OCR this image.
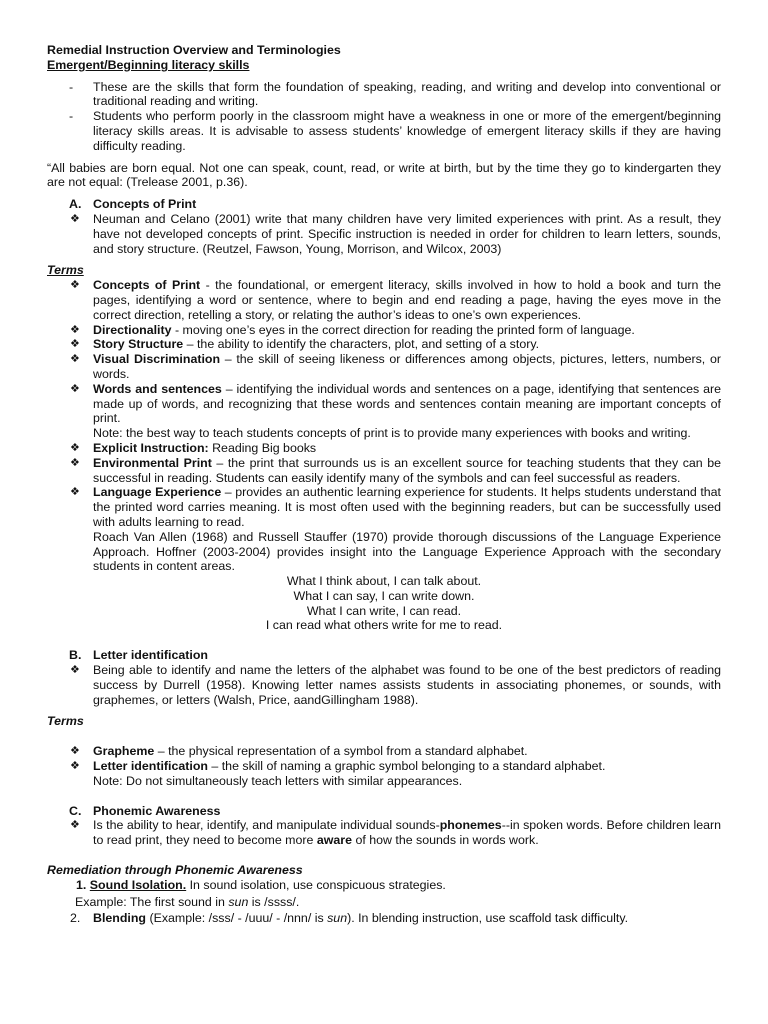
Remedial Instruction Overview and Terminologies
Emergent/Beginning literacy skills
- These are the skills that form the foundation of speaking, reading, and writing and develop into conventional or traditional reading and writing.
- Students who perform poorly in the classroom might have a weakness in one or more of the emergent/beginning literacy skills areas. It is advisable to assess students’ knowledge of emergent literacy skills if they are having difficulty reading.
“All babies are born equal. Not one can speak, count, read, or write at birth, but by the time they go to kindergarten they are not equal: (Trelease 2001, p.36).
A. Concepts of Print
❖ Neuman and Celano (2001) write that many children have very limited experiences with print. As a result, they have not developed concepts of print. Specific instruction is needed in order for children to learn letters, sounds, and story structure. (Reutzel, Fawson, Young, Morrison, and Wilcox, 2003)
Terms
❖ Concepts of Print - the foundational, or emergent literacy, skills involved in how to hold a book and turn the pages, identifying a word or sentence, where to begin and end reading a page, having the eyes move in the correct direction, retelling a story, or relating the author’s ideas to one’s own experiences.
❖ Directionality - moving one’s eyes in the correct direction for reading the printed form of language.
❖ Story Structure – the ability to identify the characters, plot, and setting of a story.
❖ Visual Discrimination – the skill of seeing likeness or differences among objects, pictures, letters, numbers, or words.
❖ Words and sentences – identifying the individual words and sentences on a page, identifying that sentences are made up of words, and recognizing that these words and sentences contain meaning are important concepts of print.
Note: the best way to teach students concepts of print is to provide many experiences with books and writing.
❖ Explicit Instruction: Reading Big books
❖ Environmental Print – the print that surrounds us is an excellent source for teaching students that they can be successful in reading. Students can easily identify many of the symbols and can feel successful as readers.
❖ Language Experience – provides an authentic learning experience for students. It helps students understand that the printed word carries meaning. It is most often used with the beginning readers, but can be successfully used with adults learning to read.
Roach Van Allen (1968) and Russell Stauffer (1970) provide thorough discussions of the Language Experience Approach. Hoffner (2003-2004) provides insight into the Language Experience Approach with the secondary students in content areas.
What I think about, I can talk about.
What I can say, I can write down.
What I can write, I can read.
I can read what others write for me to read.
B. Letter identification
❖ Being able to identify and name the letters of the alphabet was found to be one of the best predictors of reading success by Durrell (1958). Knowing letter names assists students in associating phonemes, or sounds, with graphemes, or letters (Walsh, Price, aandGillingham 1988).
Terms
❖ Grapheme – the physical representation of a symbol from a standard alphabet.
❖ Letter identification – the skill of naming a graphic symbol belonging to a standard alphabet.
Note: Do not simultaneously teach letters with similar appearances.
C. Phonemic Awareness
❖ Is the ability to hear, identify, and manipulate individual sounds-phonemes--in spoken words. Before children learn to read print, they need to become more aware of how the sounds in words work.
Remediation through Phonemic Awareness
1. Sound Isolation. In sound isolation, use conspicuous strategies.
Example: The first sound in sun is /ssss/.
2. Blending (Example: /sss/ - /uuu/ - /nnn/ is sun). In blending instruction, use scaffold task difficulty.
